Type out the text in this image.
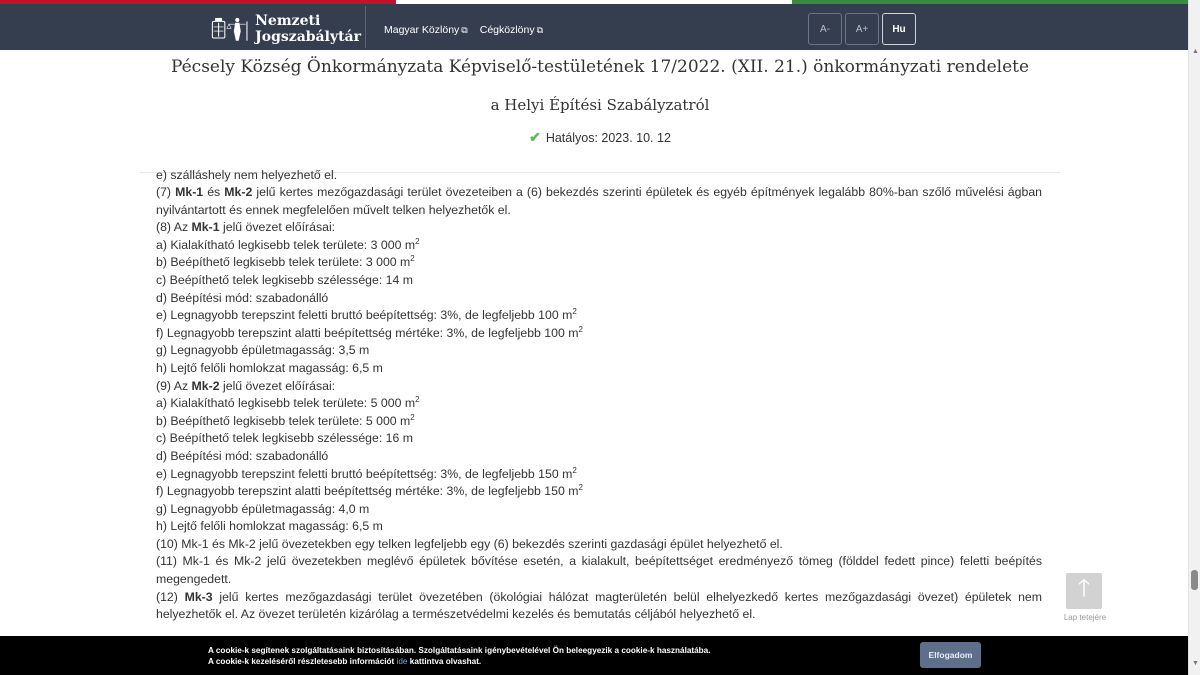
Nemzeti
Jogszabálytár Magyar Közlöny ⧉ Cégközlöny ⧉	A-	A+	Hu
Pécsely Község Önkormányzata Képviselő-testületének 17/2022. (XII. 21.) önkormányzati rendelete
a Helyi Építési Szabályzatról
✔ Hatályos: 2023. 10. 12
e) szálláshely nem helyezhető el.
(7) Mk-1 és Mk-2 jelű kertes mezőgazdasági terület övezeteiben a (6) bekezdés szerinti épületek és egyéb építmények legalább 80%-ban szőlő művelési ágban nyilvántartott és ennek megfelelően művelt telken helyezhetők el.
(8) Az Mk-1 jelű övezet előírásai:
a) Kialakítható legkisebb telek területe: 3 000 $m^2$
b) Beépíthető legkisebb telek területe: 3 000 $m^2$
c) Beépíthető telek legkisebb szélessége: 14 m
d) Beépítési mód: szabadonálló
e) Legnagyobb terepszint feletti bruttó beépítettség: 3%, de legfeljebb 100 $m^2$
f) Legnagyobb terepszint alatti beépítettség mértéke: 3%, de legfeljebb 100 $m^2$
g) Legnagyobb épületmagasság: 3,5 m
h) Lejtő felőli homlokzat magasság: 6,5 m
(9) Az Mk-2 jelű övezet előírásai:
a) Kialakítható legkisebb telek területe: 5 000 $m^2$
b) Beépíthető legkisebb telek területe: 5 000 $m^2$
c) Beépíthető telek legkisebb szélessége: 16 m
d) Beépítési mód: szabadonálló
e) Legnagyobb terepszint feletti bruttó beépítettség: 3%, de legfeljebb 150 $m^2$
f) Legnagyobb terepszint alatti beépítettség mértéke: 3%, de legfeljebb 150 $m^2$
g) Legnagyobb épületmagasság: 4,0 m
h) Lejtő felőli homlokzat magasság: 6,5 m
(10) Mk-1 és Mk-2 jelű övezetekben egy telken legfeljebb egy (6) bekezdés szerinti gazdasági épület helyezhető el.
(11) Mk-1 és Mk-2 jelű övezetekben meglévő épületek bővítése esetén, a kialakult, beépítettséget eredményező tömeg (földdel fedett pince) feletti beépítés megengedett.
(12) Mk-3 jelű kertes mezőgazdasági terület övezetében (ökológiai hálózat magterületén belül elhelyezkedő kertes mezőgazdasági övezet) épületek nem helyezhetők el. Az övezet területén kizárólag a természetvédelmi kezelés és bemutatás céljából helyezhető el.
🡑
Lap tetejére
▲
▼
A cookie-k segítenek szolgáltatásaink biztosításában. Szolgáltatásaink igénybevételével Ön beleegyezik a cookie-k használatába.
A cookie-k kezeléséről részletesebb információt ide kattintva olvashat.
Elfogadom
